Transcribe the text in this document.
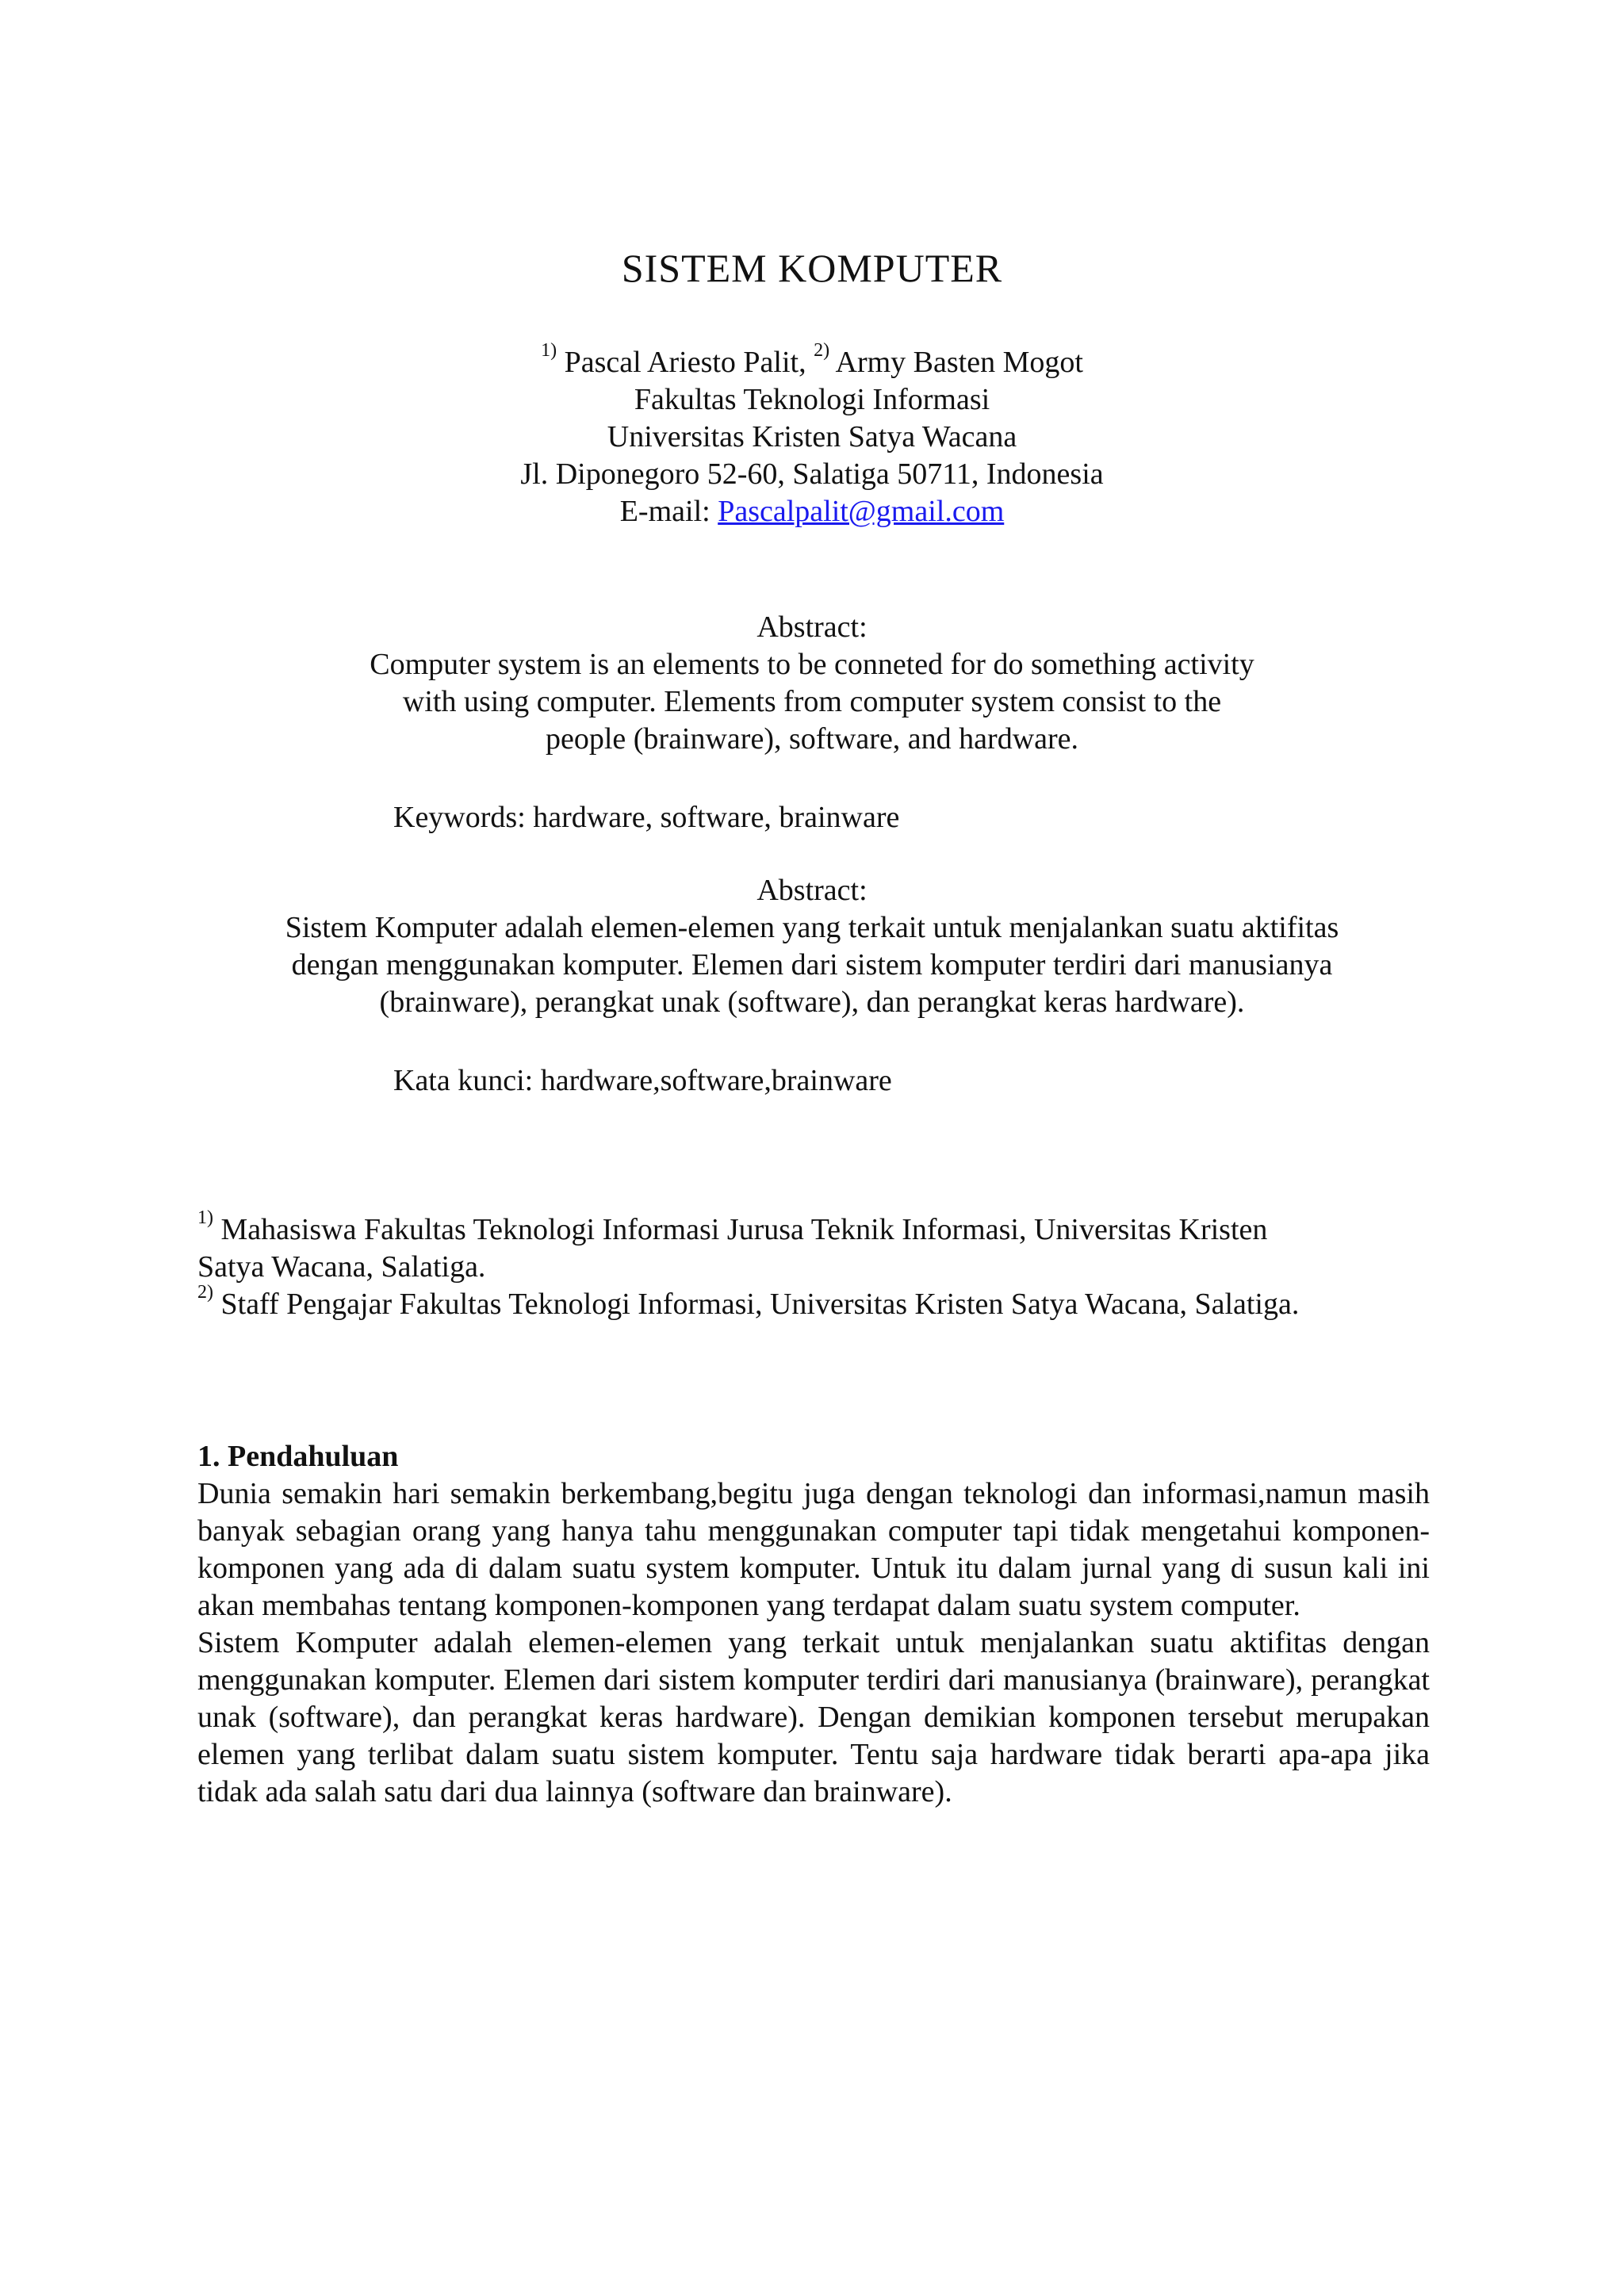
SISTEM KOMPUTER
$^{1)}$ Pascal Ariesto Palit, $^{2)}$ Army Basten Mogot
Fakultas Teknologi Informasi
Universitas Kristen Satya Wacana
Jl. Diponegoro 52-60, Salatiga 50711, Indonesia
E-mail: Pascalpalit@gmail.com
Abstract:
Computer system is an elements to be conneted for do something activity
with using computer. Elements from computer system consist to the
people (brainware), software, and hardware.
Keywords: hardware, software, brainware
Abstract:
Sistem Komputer adalah elemen-elemen yang terkait untuk menjalankan suatu aktifitas
dengan menggunakan komputer. Elemen dari sistem komputer terdiri dari manusianya
(brainware), perangkat unak (software), dan perangkat keras hardware).
Kata kunci: hardware,software,brainware
$^{1)}$ Mahasiswa Fakultas Teknologi Informasi Jurusa Teknik Informasi, Universitas Kristen
Satya Wacana, Salatiga.
$^{2)}$ Staff Pengajar Fakultas Teknologi Informasi, Universitas Kristen Satya Wacana, Salatiga.
1. Pendahuluan

Dunia semakin hari semakin berkembang,begitu juga dengan teknologi dan informasi,namun masih banyak sebagian orang yang hanya tahu menggunakan computer tapi tidak mengetahui komponen-komponen yang ada di dalam suatu system komputer. Untuk itu dalam jurnal yang di susun kali ini akan membahas tentang komponen-komponen yang terdapat dalam suatu system computer.

Sistem Komputer adalah elemen-elemen yang terkait untuk menjalankan suatu aktifitas dengan menggunakan komputer. Elemen dari sistem komputer terdiri dari manusianya (brainware), perangkat unak (software), dan perangkat keras hardware). Dengan demikian komponen tersebut merupakan elemen yang terlibat dalam suatu sistem komputer. Tentu saja hardware tidak berarti apa-apa jika tidak ada salah satu dari dua lainnya (software dan brainware).
